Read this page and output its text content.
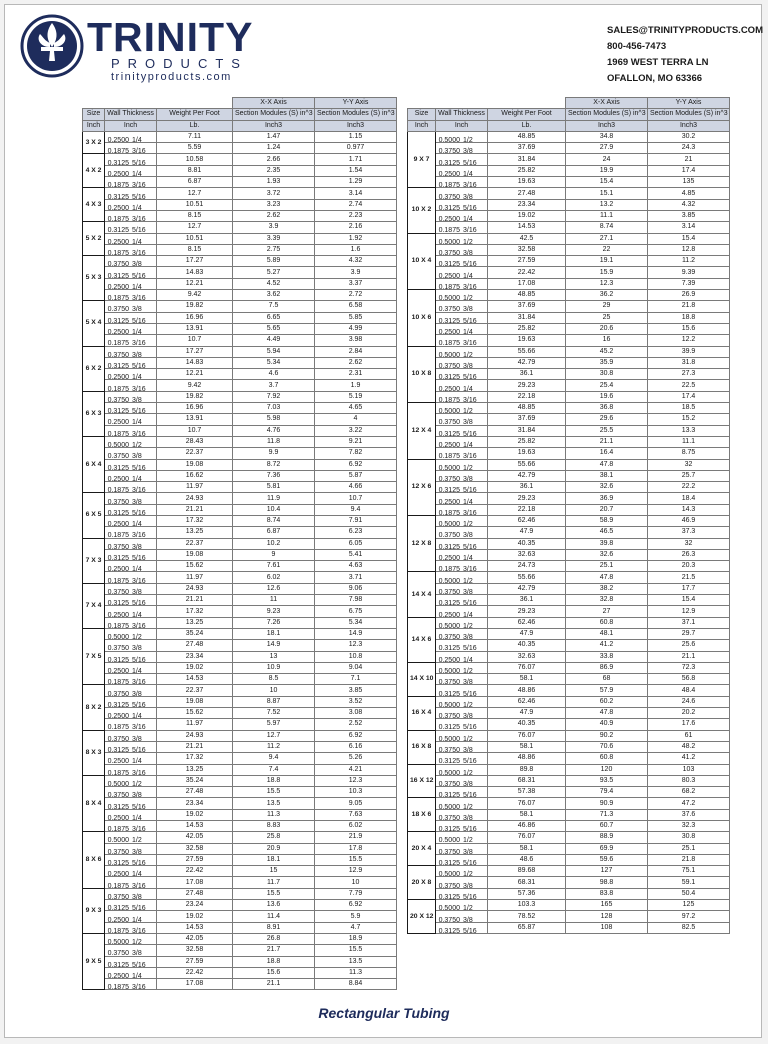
TRINITY
PRODUCTS
trinityproducts.com
SALES@TRINITYPRODUCTS.COM
800-456-7473
1969 WEST TERRA LN
OFALLON, MO 63366
			X-X Axis	Y-Y Axis
Size	Wall Thickness	Weight Per Foot	Section Modules (S) in^3	Section Modules (S) in^3
Inch	Inch	Lb.	Inch3	Inch3
3 X 2	0.2500 1/4	7.11	1.47	1.15

	0.1875 3/16	5.59	1.24	0.977
4 X 2	0.3125 5/16	10.58	2.66	1.71

	0.2500 1/4	8.81	2.35	1.54

	0.1875 3/16	6.87	1.93	1.29
4 X 3	0.3125 5/16	12.7	3.72	3.14

	0.2500 1/4	10.51	3.23	2.74

	0.1875 3/16	8.15	2.62	2.23
5 X 2	0.3125 5/16	12.7	3.9	2.16

	0.2500 1/4	10.51	3.39	1.92

	0.1875 3/16	8.15	2.75	1.6
5 X 3	0.3750 3/8	17.27	5.89	4.32

	0.3125 5/16	14.83	5.27	3.9

	0.2500 1/4	12.21	4.52	3.37

	0.1875 3/16	9.42	3.62	2.72
5 X 4	0.3750 3/8	19.82	7.5	6.58

	0.3125 5/16	16.96	6.65	5.85

	0.2500 1/4	13.91	5.65	4.99

	0.1875 3/16	10.7	4.49	3.98
6 X 2	0.3750 3/8	17.27	5.94	2.84

	0.3125 5/16	14.83	5.34	2.62

	0.2500 1/4	12.21	4.6	2.31

	0.1875 3/16	9.42	3.7	1.9
6 X 3	0.3750 3/8	19.82	7.92	5.19

	0.3125 5/16	16.96	7.03	4.65

	0.2500 1/4	13.91	5.98	4

	0.1875 3/16	10.7	4.76	3.22
6 X 4	0.5000 1/2	28.43	11.8	9.21

	0.3750 3/8	22.37	9.9	7.82

	0.3125 5/16	19.08	8.72	6.92

	0.2500 1/4	16.62	7.36	5.87

	0.1875 3/16	11.97	5.81	4.66
6 X 5	0.3750 3/8	24.93	11.9	10.7

	0.3125 5/16	21.21	10.4	9.4

	0.2500 1/4	17.32	8.74	7.91

	0.1875 3/16	13.25	6.87	6.23
7 X 3	0.3750 3/8	22.37	10.2	6.05

	0.3125 5/16	19.08	9	5.41

	0.2500 1/4	15.62	7.61	4.63

	0.1875 3/16	11.97	6.02	3.71
7 X 4	0.3750 3/8	24.93	12.6	9.06

	0.3125 5/16	21.21	11	7.98

	0.2500 1/4	17.32	9.23	6.75

	0.1875 3/16	13.25	7.26	5.34
7 X 5	0.5000 1/2	35.24	18.1	14.9

	0.3750 3/8	27.48	14.9	12.3

	0.3125 5/16	23.34	13	10.8

	0.2500 1/4	19.02	10.9	9.04

	0.1875 3/16	14.53	8.5	7.1
8 X 2	0.3750 3/8	22.37	10	3.85

	0.3125 5/16	19.08	8.87	3.52

	0.2500 1/4	15.62	7.52	3.08

	0.1875 3/16	11.97	5.97	2.52
8 X 3	0.3750 3/8	24.93	12.7	6.92

	0.3125 5/16	21.21	11.2	6.16

	0.2500 1/4	17.32	9.4	5.26

	0.1875 3/16	13.25	7.4	4.21
8 X 4	0.5000 1/2	35.24	18.8	12.3

	0.3750 3/8	27.48	15.5	10.3

	0.3125 5/16	23.34	13.5	9.05

	0.2500 1/4	19.02	11.3	7.63

	0.1875 3/16	14.53	8.83	6.02
8 X 6	0.5000 1/2	42.05	25.8	21.9

	0.3750 3/8	32.58	20.9	17.8

	0.3125 5/16	27.59	18.1	15.5

	0.2500 1/4	22.42	15	12.9

	0.1875 3/16	17.08	11.7	10
9 X 3	0.3750 3/8	27.48	15.5	7.79

	0.3125 5/16	23.24	13.6	6.92

	0.2500 1/4	19.02	11.4	5.9

	0.1875 3/16	14.53	8.91	4.7
9 X 5	0.5000 1/2	42.05	26.8	18.9

	0.3750 3/8	32.58	21.7	15.5

	0.3125 5/16	27.59	18.8	13.5

	0.2500 1/4	22.42	15.6	11.3

	0.1875 3/16	17.08	21.1	8.84
			X-X Axis	Y-Y Axis
Size	Wall Thickness	Weight Per Foot	Section Modules (S) in^3	Section Modules (S) in^3
Inch	Inch	Lb.	Inch3	Inch3
9 X 7	0.5000 1/2	48.85	34.8	30.2

	0.3750 3/8	37.69	27.9	24.3

	0.3125 5/16	31.84	24	21

	0.2500 1/4	25.82	19.9	17.4

	0.1875 3/16	19.63	15.4	135
10 X 2	0.3750 3/8	27.48	15.1	4.85

	0.3125 5/16	23.34	13.2	4.32

	0.2500 1/4	19.02	11.1	3.85

	0.1875 3/16	14.53	8.74	3.14
10 X 4	0.5000 1/2	42.5	27.1	15.4

	0.3750 3/8	32.58	22	12.8

	0.3125 5/16	27.59	19.1	11.2

	0.2500 1/4	22.42	15.9	9.39

	0.1875 3/16	17.08	12.3	7.39
10 X 6	0.5000 1/2	48.85	36.2	26.9

	0.3750 3/8	37.69	29	21.8

	0.3125 5/16	31.84	25	18.8

	0.2500 1/4	25.82	20.6	15.6

	0.1875 3/16	19.63	16	12.2
10 X 8	0.5000 1/2	55.66	45.2	39.9

	0.3750 3/8	42.79	35.9	31.8

	0.3125 5/16	36.1	30.8	27.3

	0.2500 1/4	29.23	25.4	22.5

	0.1875 3/16	22.18	19.6	17.4
12 X 4	0.5000 1/2	48.85	36.8	18.5

	0.3750 3/8	37.69	29.6	15.2

	0.3125 5/16	31.84	25.5	13.3

	0.2500 1/4	25.82	21.1	11.1

	0.1875 3/16	19.63	16.4	8.75
12 X 6	0.5000 1/2	55.66	47.8	32

	0.3750 3/8	42.79	38.1	25.7

	0.3125 5/16	36.1	32.6	22.2

	0.2500 1/4	29.23	36.9	18.4

	0.1875 3/16	22.18	20.7	14.3
12 X 8	0.5000 1/2	62.46	58.9	46.9

	0.3750 3/8	47.9	46.5	37.3

	0.3125 5/16	40.35	39.8	32

	0.2500 1/4	32.63	32.6	26.3

	0.1875 3/16	24.73	25.1	20.3
14 X 4	0.5000 1/2	55.66	47.8	21.5

	0.3750 3/8	42.79	38.2	17.7

	0.3125 5/16	36.1	32.8	15.4

	0.2500 1/4	29.23	27	12.9
14 X 6	0.5000 1/2	62.46	60.8	37.1

	0.3750 3/8	47.9	48.1	29.7

	0.3125 5/16	40.35	41.2	25.6

	0.2500 1/4	32.63	33.8	21.1
14 X 10	0.5000 1/2	76.07	86.9	72.3

	0.3750 3/8	58.1	68	56.8

	0.3125 5/16	48.86	57.9	48.4
16 X 4	0.5000 1/2	62.46	60.2	24.6

	0.3750 3/8	47.9	47.8	20.2

	0.3125 5/16	40.35	40.9	17.6
16 X 8	0.5000 1/2	76.07	90.2	61

	0.3750 3/8	58.1	70.6	48.2

	0.3125 5/16	48.86	60.8	41.2
16 X 12	0.5000 1/2	89.8	120	103

	0.3750 3/8	68.31	93.5	80.3

	0.3125 5/16	57.38	79.4	68.2
18 X 6	0.5000 1/2	76.07	90.9	47.2

	0.3750 3/8	58.1	71.3	37.6

	0.3125 5/16	46.86	60.7	32.3
20 X 4	0.5000 1/2	76.07	88.9	30.8

	0.3750 3/8	58.1	69.9	25.1

	0.3125 5/16	48.6	59.6	21.8
20 X 8	0.5000 1/2	89.68	127	75.1

	0.3750 3/8	68.31	98.8	59.1

	0.3125 5/16	57.36	83.8	50.4
20 X 12	0.5000 1/2	103.3	165	125

	0.3750 3/8	78.52	128	97.2

	0.3125 5/16	65.87	108	82.5
Rectangular Tubing
